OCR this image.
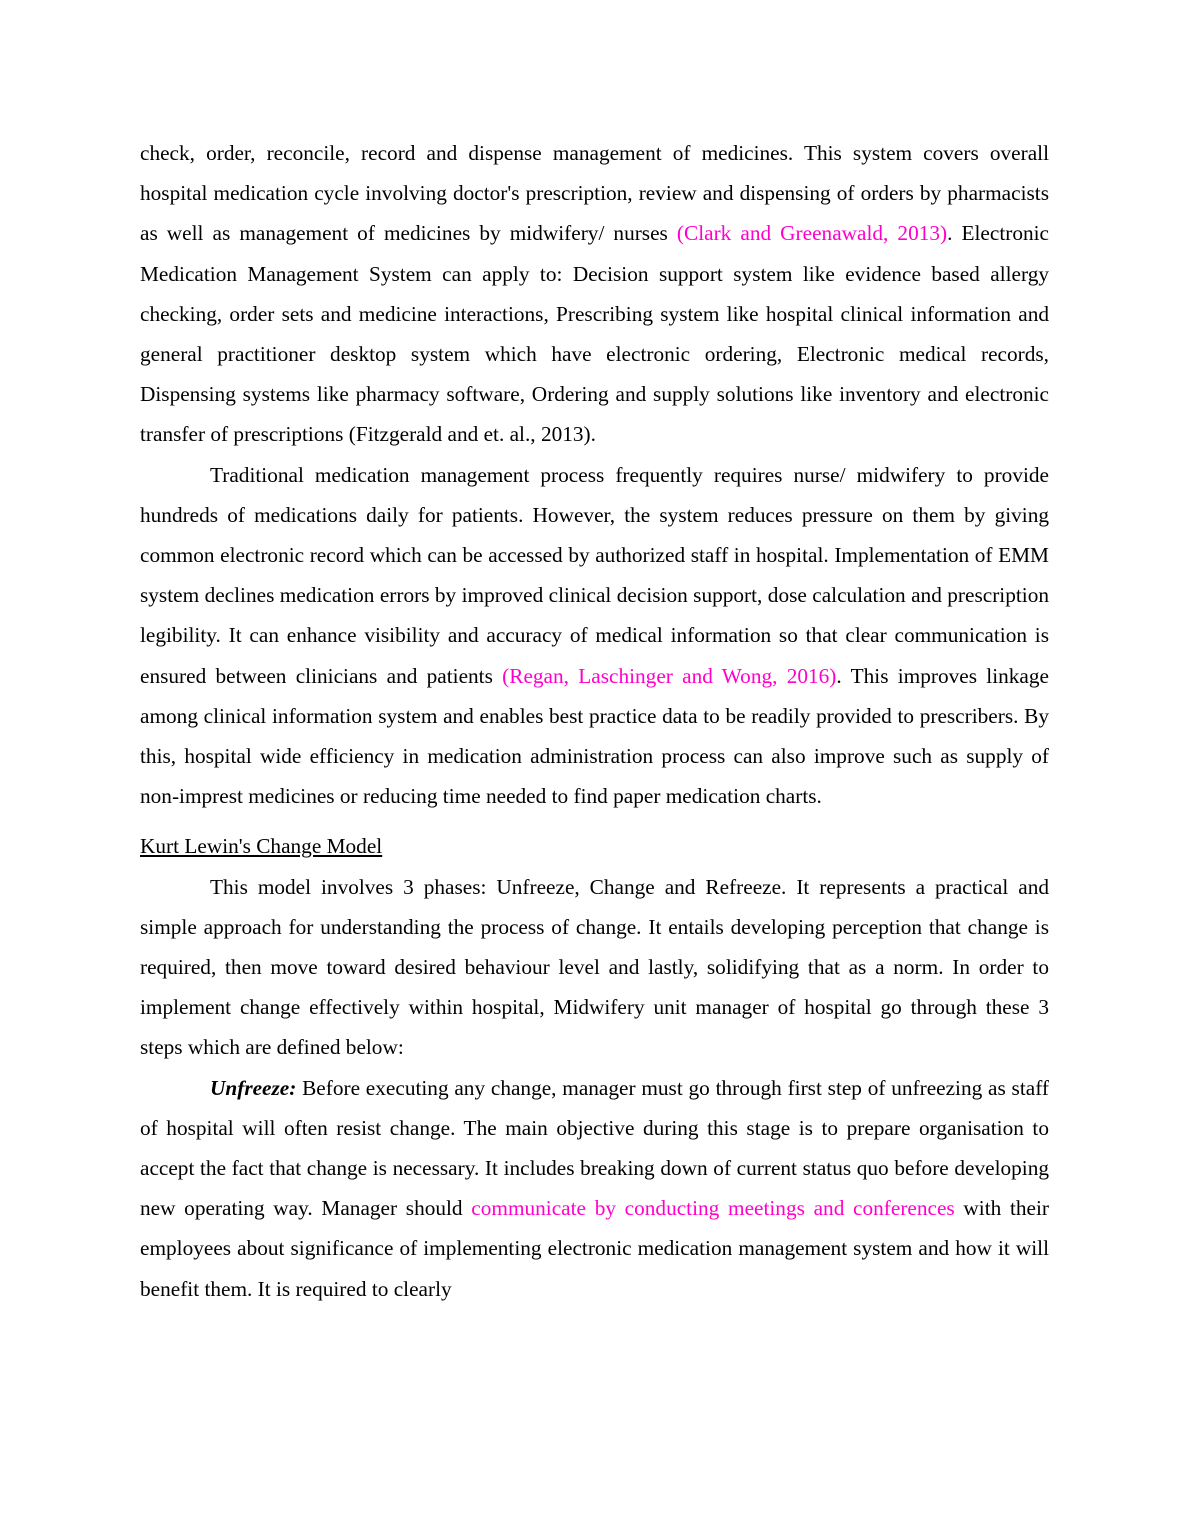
check, order, reconcile, record and dispense management of medicines. This system covers overall hospital medication cycle involving doctor's prescription, review and dispensing of orders by pharmacists as well as management of medicines by midwifery/ nurses (Clark and Greenawald, 2013). Electronic Medication Management System can apply to: Decision support system like evidence based allergy checking, order sets and medicine interactions, Prescribing system like hospital clinical information and general practitioner desktop system which have electronic ordering, Electronic medical records, Dispensing systems like pharmacy software, Ordering and supply solutions like inventory and electronic transfer of prescriptions (Fitzgerald and et. al., 2013).

Traditional medication management process frequently requires nurse/ midwifery to provide hundreds of medications daily for patients. However, the system reduces pressure on them by giving common electronic record which can be accessed by authorized staff in hospital. Implementation of EMM system declines medication errors by improved clinical decision support, dose calculation and prescription legibility. It can enhance visibility and accuracy of medical information so that clear communication is ensured between clinicians and patients (Regan, Laschinger and Wong, 2016). This improves linkage among clinical information system and enables best practice data to be readily provided to prescribers. By this, hospital wide efficiency in medication administration process can also improve such as supply of non-imprest medicines or reducing time needed to find paper medication charts.

Kurt Lewin's Change Model

This model involves 3 phases: Unfreeze, Change and Refreeze. It represents a practical and simple approach for understanding the process of change. It entails developing perception that change is required, then move toward desired behaviour level and lastly, solidifying that as a norm. In order to implement change effectively within hospital, Midwifery unit manager of hospital go through these 3 steps which are defined below:

Unfreeze: Before executing any change, manager must go through first step of unfreezing as staff of hospital will often resist change. The main objective during this stage is to prepare organisation to accept the fact that change is necessary. It includes breaking down of current status quo before developing new operating way. Manager should communicate by conducting meetings and conferences with their employees about significance of implementing electronic medication management system and how it will benefit them. It is required to clearly
